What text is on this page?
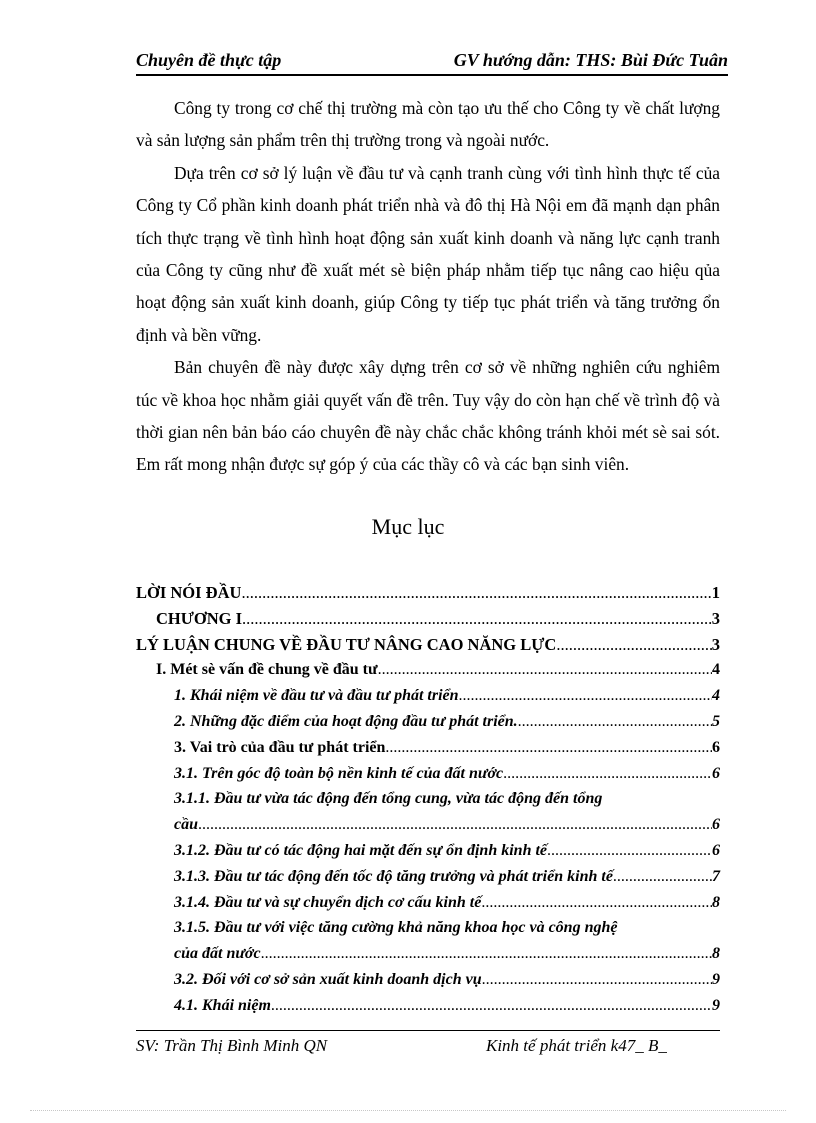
Chuyên đề thực tập	GV hướng dẫn: THS: Bùi Đức Tuân

Công ty trong cơ chế thị trường mà còn tạo ưu thế cho Công ty về chất lượng và sản lượng sản phẩm trên thị trường trong và ngoài nước.

Dựa trên cơ sở lý luận về đầu tư và cạnh tranh cùng với tình hình thực tế của Công ty Cổ phần kinh doanh phát triển nhà và đô thị Hà Nội em đã mạnh dạn phân tích thực trạng về tình hình hoạt động sản xuất kinh doanh và năng lực cạnh tranh của Công ty cũng như đề xuất mét sè biện pháp nhằm tiếp tục nâng cao hiệu qủa hoạt động sản xuất kinh doanh, giúp Công ty tiếp tục phát triển và tăng trưởng ổn định và bền vững.

Bản chuyên đề này được xây dựng trên cơ sở về những nghiên cứu nghiêm túc về khoa học nhằm giải quyết vấn đề trên. Tuy vậy do còn hạn chế về trình độ và thời gian nên bản báo cáo chuyên đề này chắc chắc không tránh khỏi mét sè sai sót. Em rất mong nhận được sự góp ý của các thầy cô và các bạn sinh viên.

Mục lục
LỜI NÓI ĐẦU .....	1
CHƯƠNG I .....	3
LÝ LUẬN CHUNG VỀ ĐẦU TƯ NÂNG CAO NĂNG LỰC .....	3
I. Mét sè vấn đề chung về đầu tư .....	4
1. Khái niệm về đầu tư và đầu tư phát triển .....	4
2. Những đặc điểm của hoạt động đầu tư phát triển. .....	5
3. Vai trò của đầu tư phát triển .....	6
3.1. Trên góc độ toàn bộ nền kinh tế của đất nước .....	6
3.1.1. Đầu tư vừa tác động đến tổng cung, vừa tác động đến tổng
cầu .....	6
3.1.2. Đầu tư có tác động hai mặt đến sự ổn định kinh tế .....	6
3.1.3. Đầu tư tác động đến tốc độ tăng trưởng và phát triển kinh tế .....	7
3.1.4. Đầu tư và sự chuyển dịch cơ cấu kinh tế .....	8
3.1.5. Đầu tư với việc tăng cường khả năng khoa học và công nghệ
của đất nước .....	8
3.2. Đối với cơ sở sản xuất kinh doanh dịch vụ .....	9
4.1. Khái niệm .....	9
SV: Trần Thị Bình Minh QN	Kinh tế phát triển k47_ B_
